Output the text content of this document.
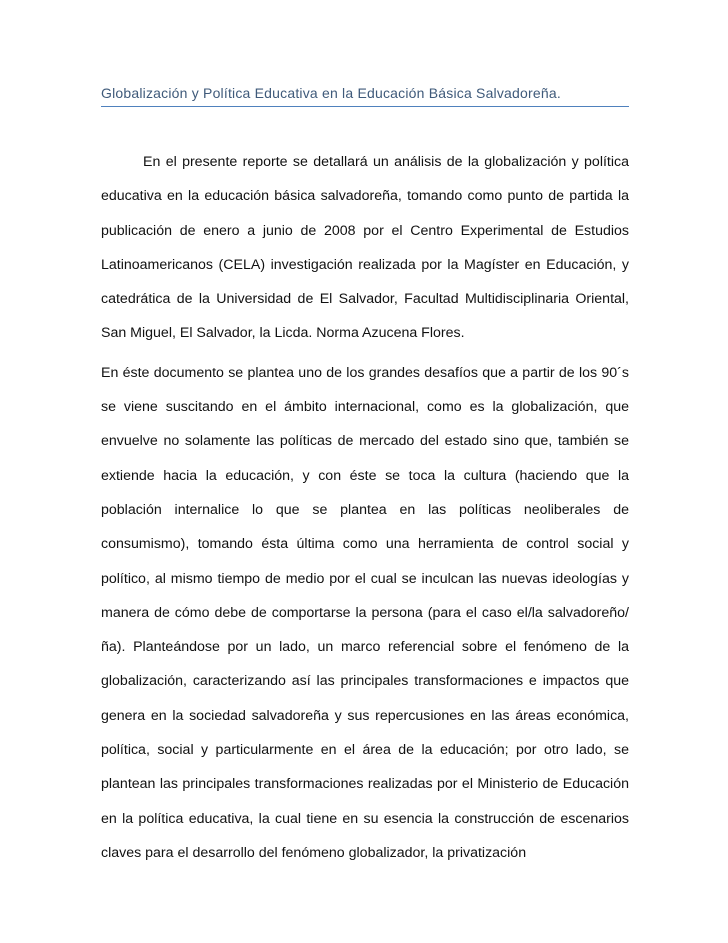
Globalización y Política Educativa en la Educación Básica Salvadoreña.

En el presente reporte se detallará un análisis de la globalización y política educativa en la educación básica salvadoreña, tomando como punto de partida la publicación de enero a junio de 2008 por el Centro Experimental de Estudios Latinoamericanos (CELA) investigación realizada por la Magíster en Educación, y catedrática de la Universidad de El Salvador, Facultad Multidisciplinaria Oriental, San Miguel, El Salvador, la Licda. Norma Azucena Flores.

En éste documento se plantea uno de los grandes desafíos que a partir de los 90´s se viene suscitando en el ámbito internacional, como es la globalización, que envuelve no solamente las políticas de mercado del estado sino que, también se extiende hacia la educación, y con éste se toca la cultura (haciendo que la población internalice lo que se plantea en las políticas neoliberales de consumismo), tomando ésta última como una herramienta de control social y político, al mismo tiempo de medio por el cual se inculcan las nuevas ideologías y manera de cómo debe de comportarse la persona (para el caso el/la salvadoreño/ña). Planteándose por un lado, un marco referencial sobre el fenómeno de la globalización, caracterizando así las principales transformaciones e impactos que genera en la sociedad salvadoreña y sus repercusiones en las áreas económica, política, social y particularmente en el área de la educación; por otro lado, se plantean las principales transformaciones realizadas por el Ministerio de Educación en la política educativa, la cual tiene en su esencia la construcción de escenarios claves para el desarrollo del fenómeno globalizador, la privatización
